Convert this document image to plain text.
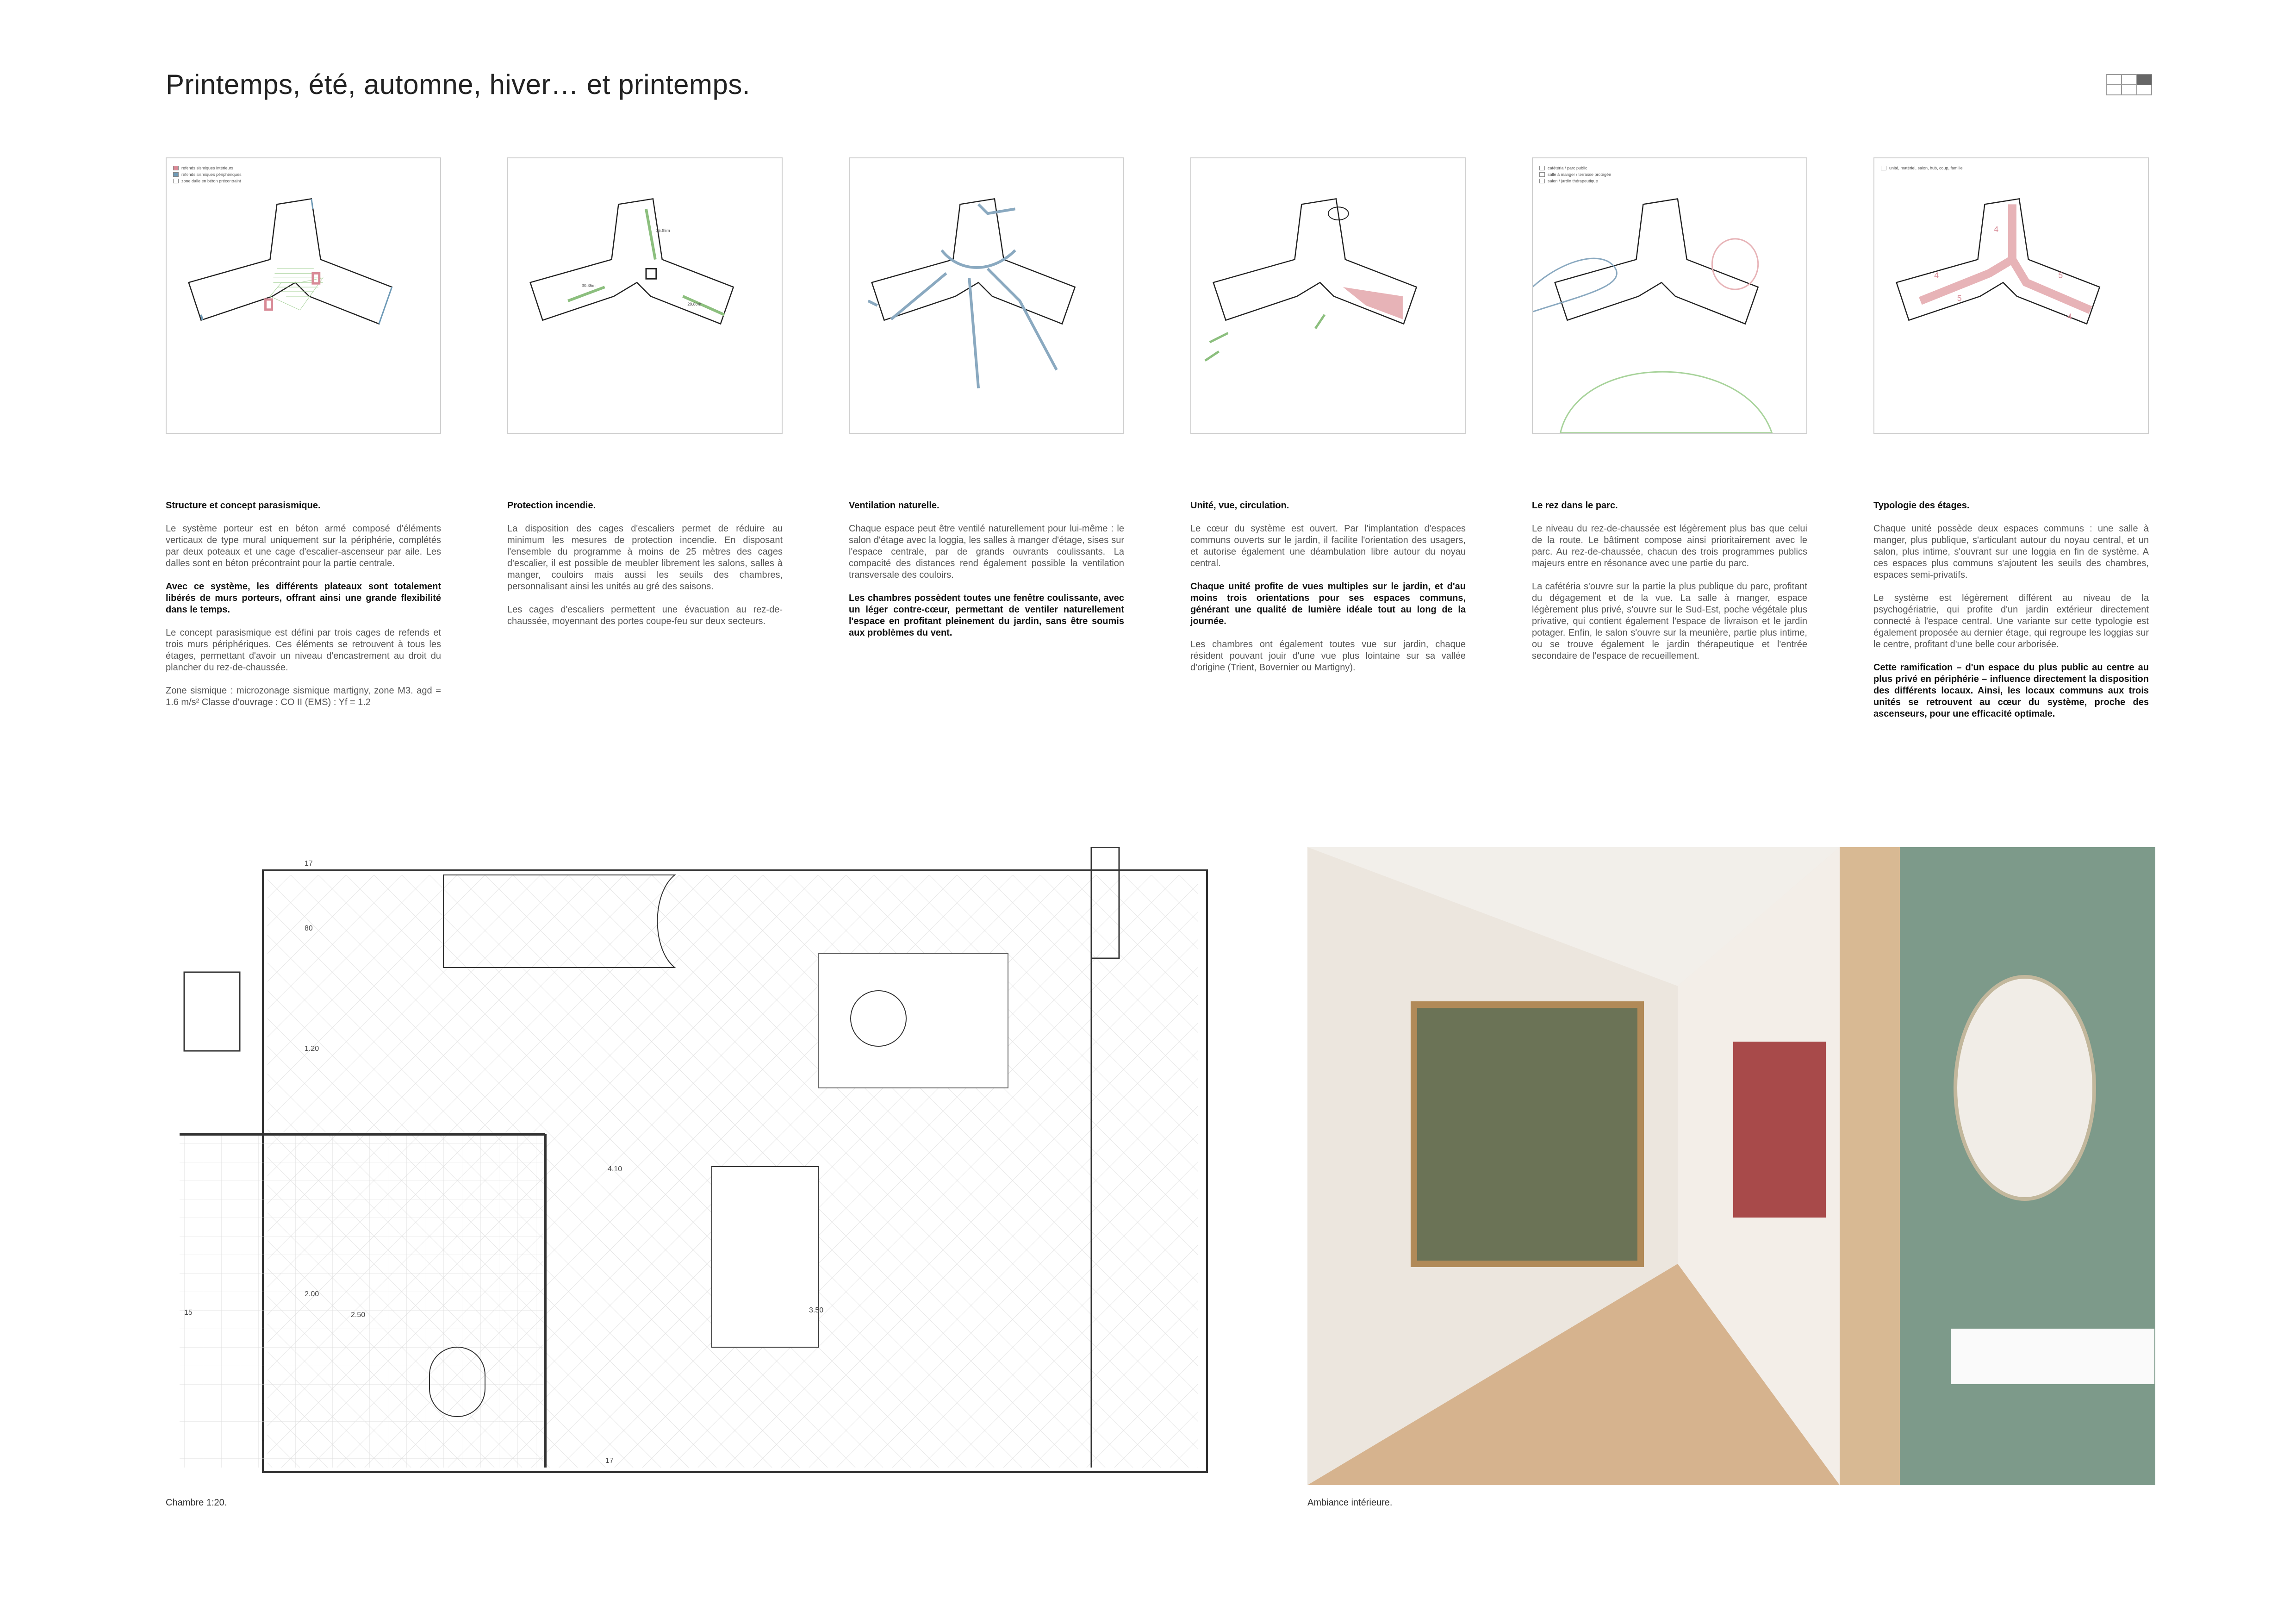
Printemps, été, automne, hiver… et printemps.
refends sismiques intérieurs
refends sismiques périphériques
zone dalle en béton précontraint
25.85m
30.35m
29.80m
cafétéria / parc public
salle à manger / terrasse protégée
salon / jardin thérapeutique
unité, matériel, salon, hub, coup, famille
4
4	5
5
4
Structure et concept parasismique.

Le système porteur est en béton armé composé d'éléments verticaux de type mural uniquement sur la périphérie, complétés par deux poteaux et une cage d'escalier-ascenseur par aile. Les dalles sont en béton précontraint pour la partie centrale.

Avec ce système, les différents plateaux sont totalement libérés de murs porteurs, offrant ainsi une grande flexibilité dans le temps.

Le concept parasismique est défini par trois cages de refends et trois murs périphériques. Ces éléments se retrouvent à tous les étages, permettant d'avoir un niveau d'encastrement au droit du plancher du rez-de-chaussée.

Zone sismique : microzonage sismique martigny, zone M3. agd = 1.6 m/s² Classe d'ouvrage : CO II (EMS) : Yf = 1.2

Protection incendie.

La disposition des cages d'escaliers permet de réduire au minimum les mesures de protection incendie. En disposant l'ensemble du programme à moins de 25 mètres des cages d'escalier, il est possible de meubler librement les salons, salles à manger, couloirs mais aussi les seuils des chambres, personnalisant ainsi les unités au gré des saisons.

Les cages d'escaliers permettent une évacuation au rez-de-chaussée, moyennant des portes coupe-feu sur deux secteurs.

Ventilation naturelle.

Chaque espace peut être ventilé naturellement pour lui-même : le salon d'étage avec la loggia, les salles à manger d'étage, sises sur l'espace centrale, par de grands ouvrants coulissants. La compacité des distances rend également possible la ventilation transversale des couloirs.

Les chambres possèdent toutes une fenêtre coulissante, avec un léger contre-cœur, permettant de ventiler naturellement l'espace en profitant pleinement du jardin, sans être soumis aux problèmes du vent.

Unité, vue, circulation.

Le cœur du système est ouvert. Par l'implantation d'espaces communs ouverts sur le jardin, il facilite l'orientation des usagers, et autorise également une déambulation libre autour du noyau central.

Chaque unité profite de vues multiples sur le jardin, et d'au moins trois orientations pour ses espaces communs, générant une qualité de lumière idéale tout au long de la journée.

Les chambres ont également toutes vue sur jardin, chaque résident pouvant jouir d'une vue plus lointaine sur sa vallée d'origine (Trient, Bovernier ou Martigny).

Le rez dans le parc.

Le niveau du rez-de-chaussée est légèrement plus bas que celui de la route. Le bâtiment compose ainsi prioritairement avec le parc. Au rez-de-chaussée, chacun des trois programmes publics majeurs entre en résonance avec une partie du parc.

La cafétéria s'ouvre sur la partie la plus publique du parc, profitant du dégagement et de la vue. La salle à manger, espace légèrement plus privé, s'ouvre sur le Sud-Est, poche végétale plus privative, qui contient également l'espace de livraison et le jardin potager. Enfin, le salon s'ouvre sur la meunière, partie plus intime, ou se trouve également le jardin thérapeutique et l'entrée secondaire de l'espace de recueillement.

Typologie des étages.

Chaque unité possède deux espaces communs : une salle à manger, plus publique, s'articulant autour du noyau central, et un salon, plus intime, s'ouvrant sur une loggia en fin de système. A ces espaces plus communs s'ajoutent les seuils des chambres, espaces semi-privatifs.

Le système est légèrement différent au niveau de la psychogériatrie, qui profite d'un jardin extérieur directement connecté à l'espace central. Une variante sur cette typologie est également proposée au dernier étage, qui regroupe les loggias sur le centre, profitant d'une belle cour arborisée.

Cette ramification – d'un espace du plus public au centre au plus privé en périphérie – influence directement la disposition des différents locaux. Ainsi, les locaux communs aux trois unités se retrouvent au cœur du système, proche des ascenseurs, pour une efficacité optimale.

17
80
1.20
4.10
2.00
2.50
3.50
15
17
Chambre 1:20.	Ambiance intérieure.
